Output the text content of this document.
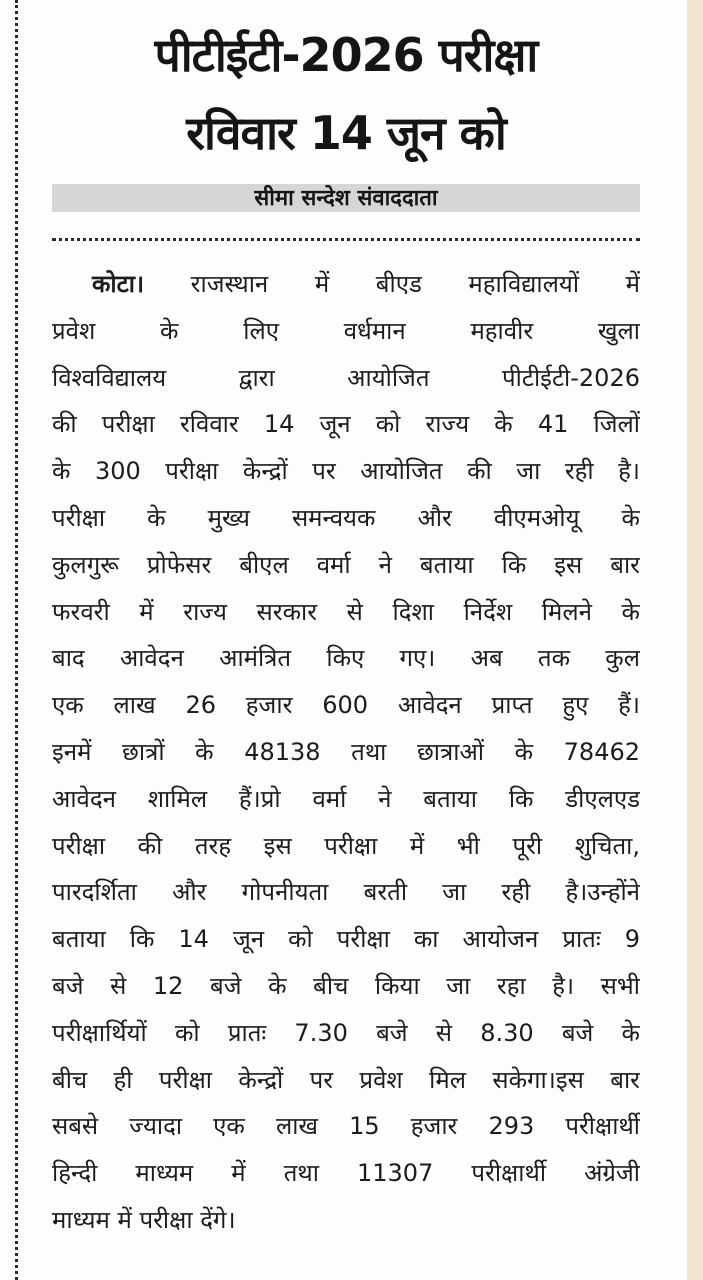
पीटीईटी-2026 परीक्षा
रविवार 14 जून को
सीमा सन्देश संवाददाता
कोटा। राजस्थान में बीएड महाविद्यालयों में
प्रवेश के लिए वर्धमान महावीर खुला
विश्वविद्यालय द्वारा आयोजित पीटीईटी-2026
की परीक्षा रविवार 14 जून को राज्य के 41 जिलों
के 300 परीक्षा केन्द्रों पर आयोजित की जा रही है।
परीक्षा के मुख्य समन्वयक और वीएमओयू के
कुलगुरू प्रोफेसर बीएल वर्मा ने बताया कि इस बार
फरवरी में राज्य सरकार से दिशा निर्देश मिलने के
बाद आवेदन आमंत्रित किए गए। अब तक कुल
एक लाख 26 हजार 600 आवेदन प्राप्त हुए हैं।
इनमें छात्रों के 48138 तथा छात्राओं के 78462
आवेदन शामिल हैं।प्रो वर्मा ने बताया कि डीएलएड
परीक्षा की तरह इस परीक्षा में भी पूरी शुचिता,
पारदर्शिता और गोपनीयता बरती जा रही है।उन्होंने
बताया कि 14 जून को परीक्षा का आयोजन प्रातः 9
बजे से 12 बजे के बीच किया जा रहा है। सभी
परीक्षार्थियों को प्रातः 7.30 बजे से 8.30 बजे के
बीच ही परीक्षा केन्द्रों पर प्रवेश मिल सकेगा।इस बार
सबसे ज्यादा एक लाख 15 हजार 293 परीक्षार्थी
हिन्दी माध्यम में तथा 11307 परीक्षार्थी अंग्रेजी
माध्यम में परीक्षा देंगे।
